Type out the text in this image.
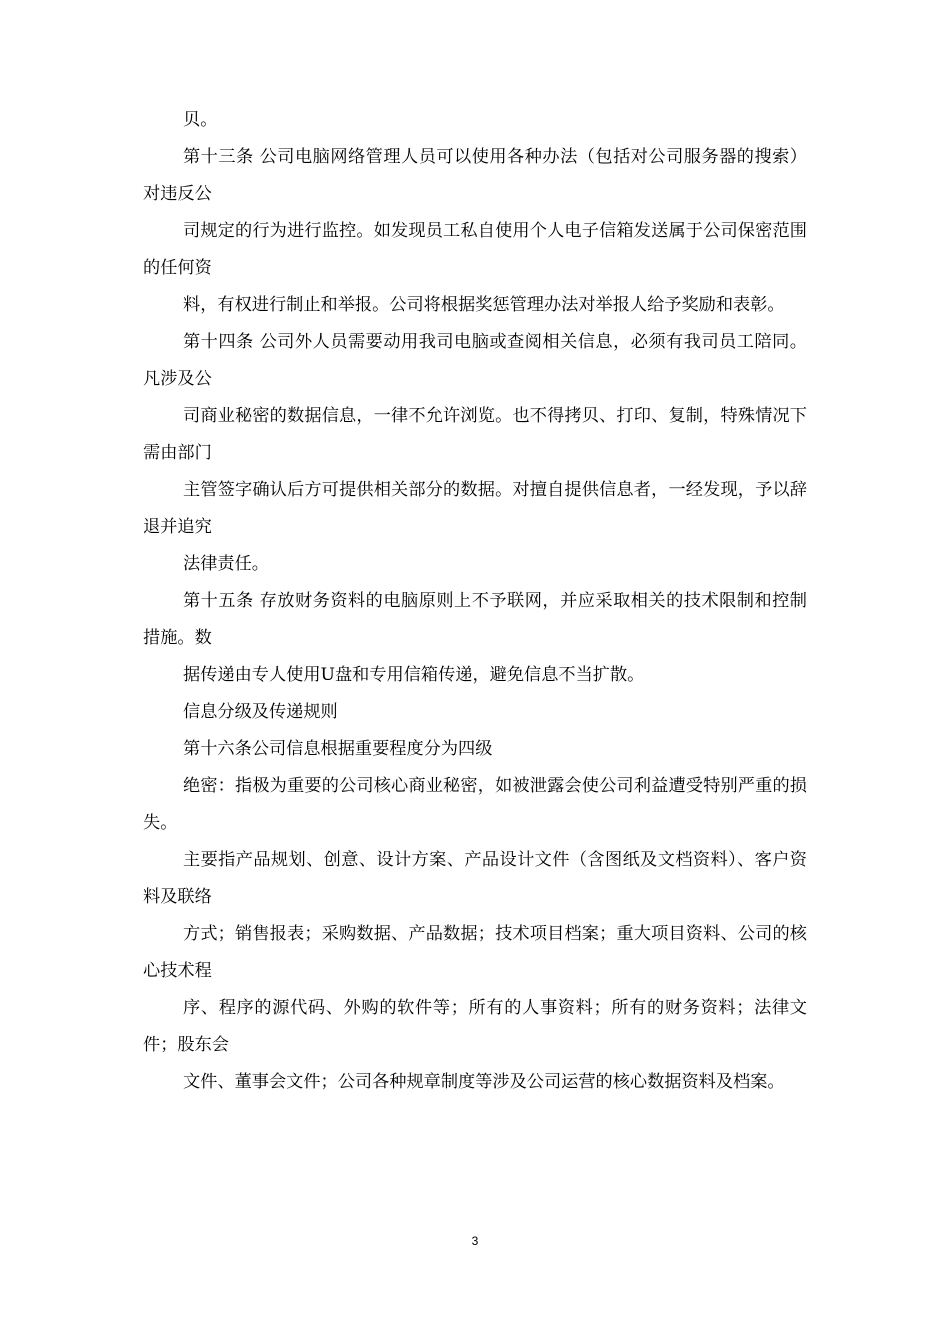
贝。

第十三条 公司电脑网络管理人员可以使用各种办法（包括对公司服务器的搜索）对违反公

司规定的行为进行监控。如发现员工私自使用个人电子信箱发送属于公司保密范围的任何资

料，有权进行制止和举报。公司将根据奖惩管理办法对举报人给予奖励和表彰。

第十四条 公司外人员需要动用我司电脑或查阅相关信息，必须有我司员工陪同。凡涉及公

司商业秘密的数据信息，一律不允许浏览。也不得拷贝、打印、复制，特殊情况下需由部门

主管签字确认后方可提供相关部分的数据。对擅自提供信息者，一经发现，予以辞退并追究

法律责任。

第十五条 存放财务资料的电脑原则上不予联网，并应采取相关的技术限制和控制措施。数

据传递由专人使用U盘和专用信箱传递，避免信息不当扩散。

信息分级及传递规则

第十六条公司信息根据重要程度分为四级

绝密：指极为重要的公司核心商业秘密，如被泄露会使公司利益遭受特别严重的损失。

主要指产品规划、创意、设计方案、产品设计文件（含图纸及文档资料）、客户资料及联络

方式；销售报表；采购数据、产品数据；技术项目档案；重大项目资料、公司的核心技术程

序、程序的源代码、外购的软件等；所有的人事资料；所有的财务资料；法律文件；股东会

文件、董事会文件；公司各种规章制度等涉及公司运营的核心数据资料及档案。

3
